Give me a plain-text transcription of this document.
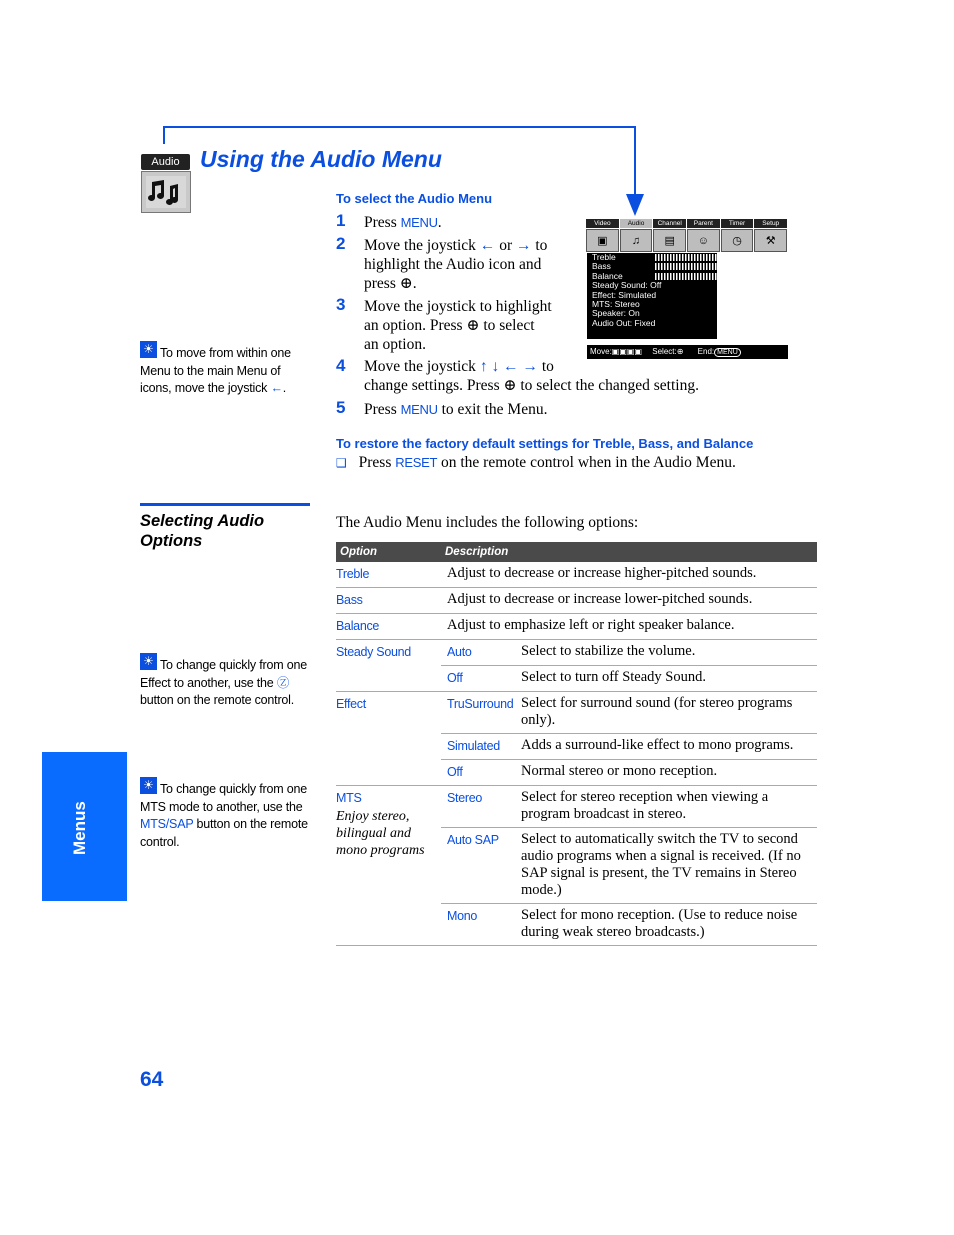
Audio Using the Audio Menu
To select the Audio Menu
1 Press MENU.
2 Move the joystick ← or → to
highlight the Audio icon and
press ⊕.
3 Move the joystick to highlight
an option. Press ⊕ to select
an option.
4 Move the joystick ↑ ↓ ← → to
change settings. Press ⊕ to select the changed setting.
5 Press MENU to exit the Menu.
Video	Audio	Channel	Parent	Timer	Setup
▣	♫	▤	☺	◷	⚒
Treble
Bass
Balance
Steady Sound: Off
Effect: Simulated
MTS: Stereo
Speaker: On
Audio Out: Fixed
Move:▣▣▣▣ Select:⊕ End: MENU
☀ To move from within one Menu to the main Menu of icons, move the joystick ←.
To restore the factory default settings for Treble, Bass, and Balance
❑ Press RESET on the remote control when in the Audio Menu.
Selecting Audio Options
The Audio Menu includes the following options:
☀ To change quickly from one Effect to another, use the Ⓩ button on the remote control.
☀ To change quickly from one MTS mode to another, use the MTS/SAP button on the remote control.
Option	Description	
Treble	Adjust to decrease or increase higher-pitched sounds.	
Bass	Adjust to decrease or increase lower-pitched sounds.	
Balance	Adjust to emphasize left or right speaker balance.	
Steady Sound	Auto	Select to stabilize the volume.
	Off	Select to turn off Steady Sound.
Effect	TruSurround	Select for surround sound (for stereo programs only).
	Simulated	Adds a surround-like effect to mono programs.
	Off	Normal stereo or mono reception.

MTS
Enjoy stereo, bilingual and mono programs	Stereo	Select for stereo reception when viewing a program broadcast in stereo.
	Auto SAP	Select to automatically switch the TV to second audio programs when a signal is received. (If no SAP signal is present, the TV remains in Stereo mode.)
	Mono	Select for mono reception. (Use to reduce noise during weak stereo broadcasts.)
Menus
64
